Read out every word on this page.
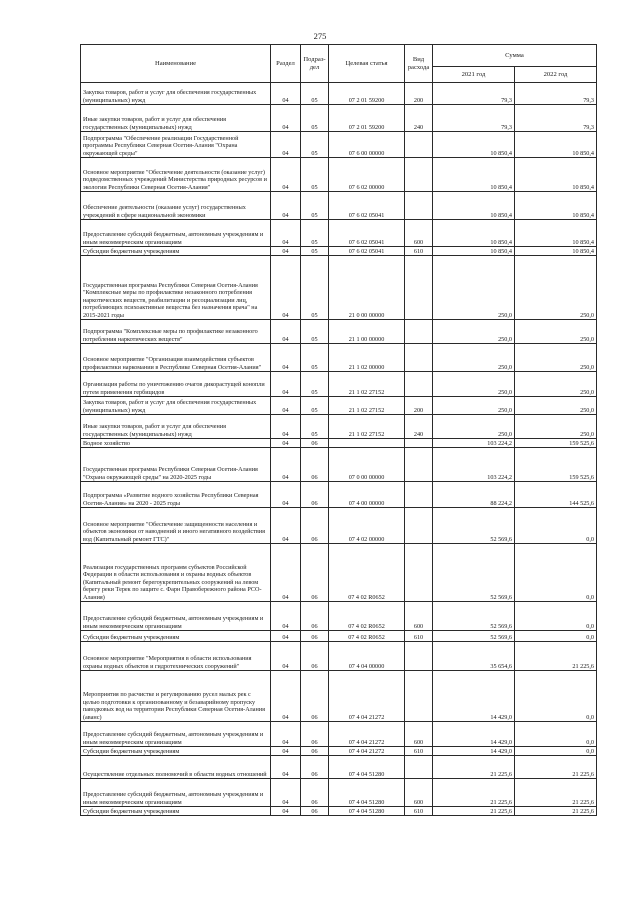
275
Наименование	Раздел	Подраз-дел	Целевая статья	Вид расхода	Сумма	
					2021 год	2022 год
Закупка товаров, работ и услуг для обеспечения государственных (муниципальных) нужд	04	05	07 2 01 59200	200	79,3	79,3
Иные закупки товаров, работ и услуг для обеспечения государственных (муниципальных) нужд	04	05	07 2 01 59200	240	79,3	79,3
Подпрограмма "Обеспечение реализации Государственной программы Республики Северная Осетия-Алания "Охрана окружающей среды"	04	05	07 6 00 00000		10 850,4	10 850,4
Основное мероприятие "Обеспечение деятельности (оказание услуг) подведомственных учреждений Министерства природных ресурсов и экологии Республики Северная Осетия-Алания"	04	05	07 6 02 00000		10 850,4	10 850,4
Обеспечение деятельности (оказание услуг) государственных учреждений в сфере национальной экономики	04	05	07 6 02 05041		10 850,4	10 850,4
Предоставление субсидий бюджетным, автономным учреждениям и иным некоммерческим организациям	04	05	07 6 02 05041	600	10 850,4	10 850,4
Субсидии бюджетным учреждениям	04	05	07 6 02 05041	610	10 850,4	10 850,4
Государственная программа Республики Северная Осетия-Алания "Комплексные меры по профилактике незаконного потребления наркотических веществ, реабилитации и ресоциализации лиц, потребляющих психоактивные вещества без назначения врача" на 2015-2021 годы	04	05	21 0 00 00000		250,0	250,0
Подпрограмма "Комплексные меры по профилактике незаконного потребления наркотических веществ"	04	05	21 1 00 00000		250,0	250,0
Основное мероприятие "Организация взаимодействия субъектов профилактики наркомании в Республике Северная Осетия-Алания"	04	05	21 1 02 00000		250,0	250,0
Организация работы по уничтожению очагов дикорастущей конопли путем применения гербицидов	04	05	21 1 02 27152		250,0	250,0
Закупка товаров, работ и услуг для обеспечения государственных (муниципальных) нужд	04	05	21 1 02 27152	200	250,0	250,0
Иные закупки товаров, работ и услуг для обеспечения государственных (муниципальных) нужд	04	05	21 1 02 27152	240	250,0	250,0
Водное хозяйство	04	06			103 224,2	159 525,6
Государственная программа Республики Северная Осетия-Алания "Охрана окружающей среды" на 2020-2025 годы	04	06	07 0 00 00000		103 224,2	159 525,6
Подпрограмма «Развитие водного хозяйства Республики Северная Осетия-Алания» на 2020 - 2025 годы	04	06	07 4 00 00000		88 224,2	144 525,6
Основное мероприятие "Обеспечение защищенности населения и объектов экономики от наводнений и иного негативного воздействия вод (Капитальный ремонт ГТС)"	04	06	07 4 02 00000		52 569,6	0,0
Реализация государственных программ субъектов Российской Федерации в области использования и охраны водных объектов (Капитальный ремонт берегоукрепительных сооружений на левом берегу реки Терек по защите с. Фарн Правобережного района РСО-Алания)	04	06	07 4 02 R0652		52 569,6	0,0
Предоставление субсидий бюджетным, автономным учреждениям и иным некоммерческим организациям	04	06	07 4 02 R0652	600	52 569,6	0,0
Субсидии бюджетным учреждениям	04	06	07 4 02 R0652	610	52 569,6	0,0
Основное мероприятие "Мероприятия в области использования охраны водных объектов и гидротехнических сооружений"	04	06	07 4 04 00000		35 654,6	21 225,6
Мероприятия по расчистке и регулированию русел малых рек с целью подготовки к организованному и безаварийному пропуску паводковых вод на территории Республики Северная Осетия-Алания (аванс)	04	06	07 4 04 21272		14 429,0	0,0
Предоставление субсидий бюджетным, автономным учреждениям и иным некоммерческим организациям	04	06	07 4 04 21272	600	14 429,0	0,0
Субсидии бюджетным учреждениям	04	06	07 4 04 21272	610	14 429,0	0,0
Осуществление отдельных полномочий в области водных отношений	04	06	07 4 04 51280		21 225,6	21 225,6
Предоставление субсидий бюджетным, автономным учреждениям и иным некоммерческим организациям	04	06	07 4 04 51280	600	21 225,6	21 225,6
Субсидии бюджетным учреждениям	04	06	07 4 04 51280	610	21 225,6	21 225,6
